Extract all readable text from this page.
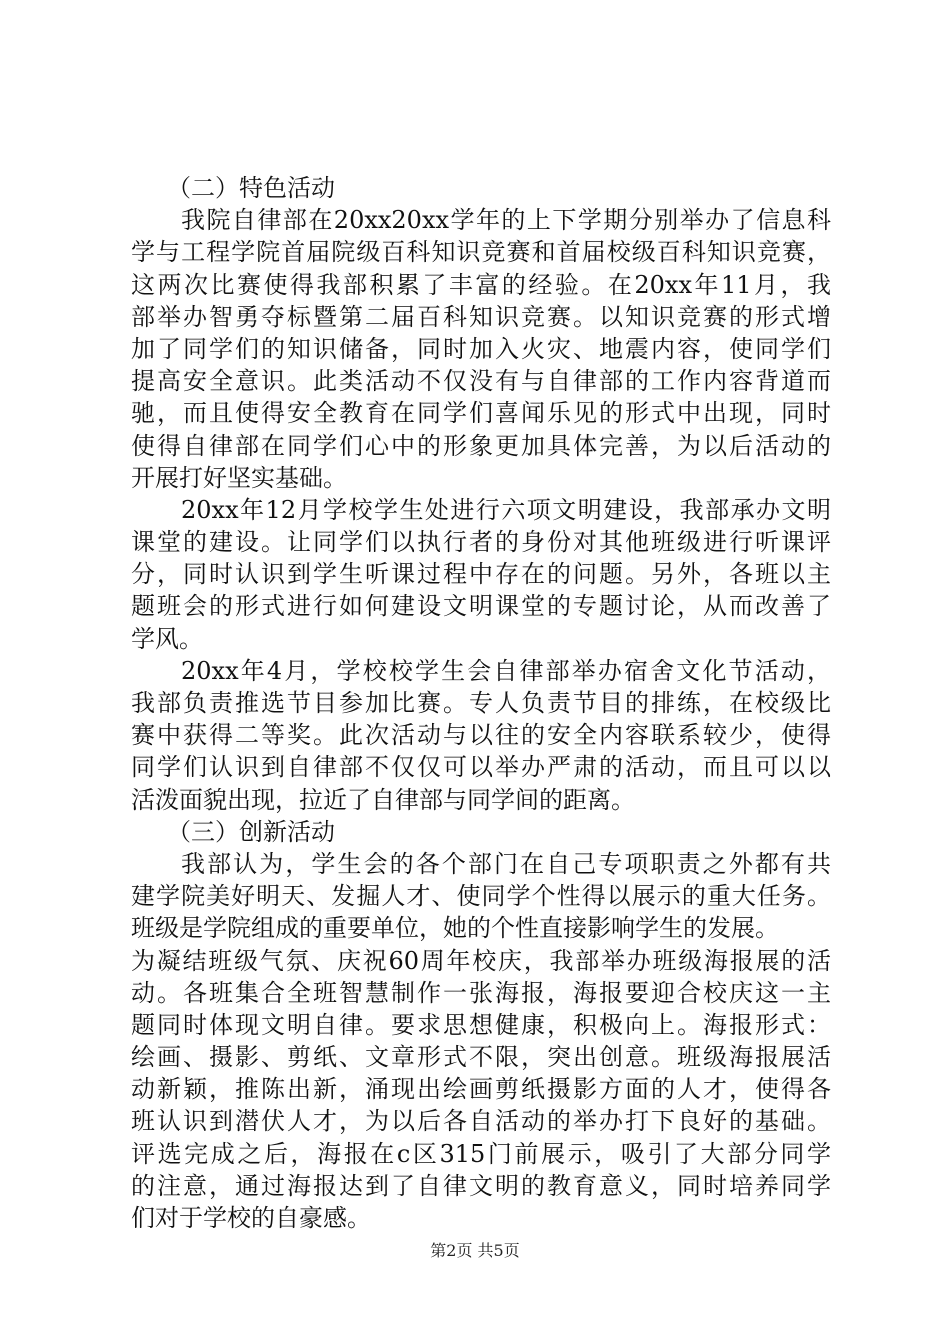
（二）特色活动
我院自律部在20xx20xx学年的上下学期分别举办了信息科
学与工程学院首届院级百科知识竞赛和首届校级百科知识竞赛，
这两次比赛使得我部积累了丰富的经验。在20xx年11月，我
部举办智勇夺标暨第二届百科知识竞赛。以知识竞赛的形式增
加了同学们的知识储备，同时加入火灾、地震内容，使同学们
提高安全意识。此类活动不仅没有与自律部的工作内容背道而
驰，而且使得安全教育在同学们喜闻乐见的形式中出现，同时
使得自律部在同学们心中的形象更加具体完善，为以后活动的
开展打好坚实基础。
20xx年12月学校学生处进行六项文明建设，我部承办文明
课堂的建设。让同学们以执行者的身份对其他班级进行听课评
分，同时认识到学生听课过程中存在的问题。另外，各班以主
题班会的形式进行如何建设文明课堂的专题讨论，从而改善了
学风。
20xx年4月，学校校学生会自律部举办宿舍文化节活动，
我部负责推选节目参加比赛。专人负责节目的排练，在校级比
赛中获得二等奖。此次活动与以往的安全内容联系较少，使得
同学们认识到自律部不仅仅可以举办严肃的活动，而且可以以
活泼面貌出现，拉近了自律部与同学间的距离。
（三）创新活动
我部认为，学生会的各个部门在自己专项职责之外都有共
建学院美好明天、发掘人才、使同学个性得以展示的重大任务。
班级是学院组成的重要单位，她的个性直接影响学生的发展。
为凝结班级气氛、庆祝60周年校庆，我部举办班级海报展的活
动。各班集合全班智慧制作一张海报，海报要迎合校庆这一主
题同时体现文明自律。要求思想健康，积极向上。海报形式：
绘画、摄影、剪纸、文章形式不限，突出创意。班级海报展活
动新颖，推陈出新，涌现出绘画剪纸摄影方面的人才，使得各
班认识到潜伏人才，为以后各自活动的举办打下良好的基础。
评选完成之后，海报在c区315门前展示，吸引了大部分同学
的注意，通过海报达到了自律文明的教育意义，同时培养同学
们对于学校的自豪感。
第2页 共5页
